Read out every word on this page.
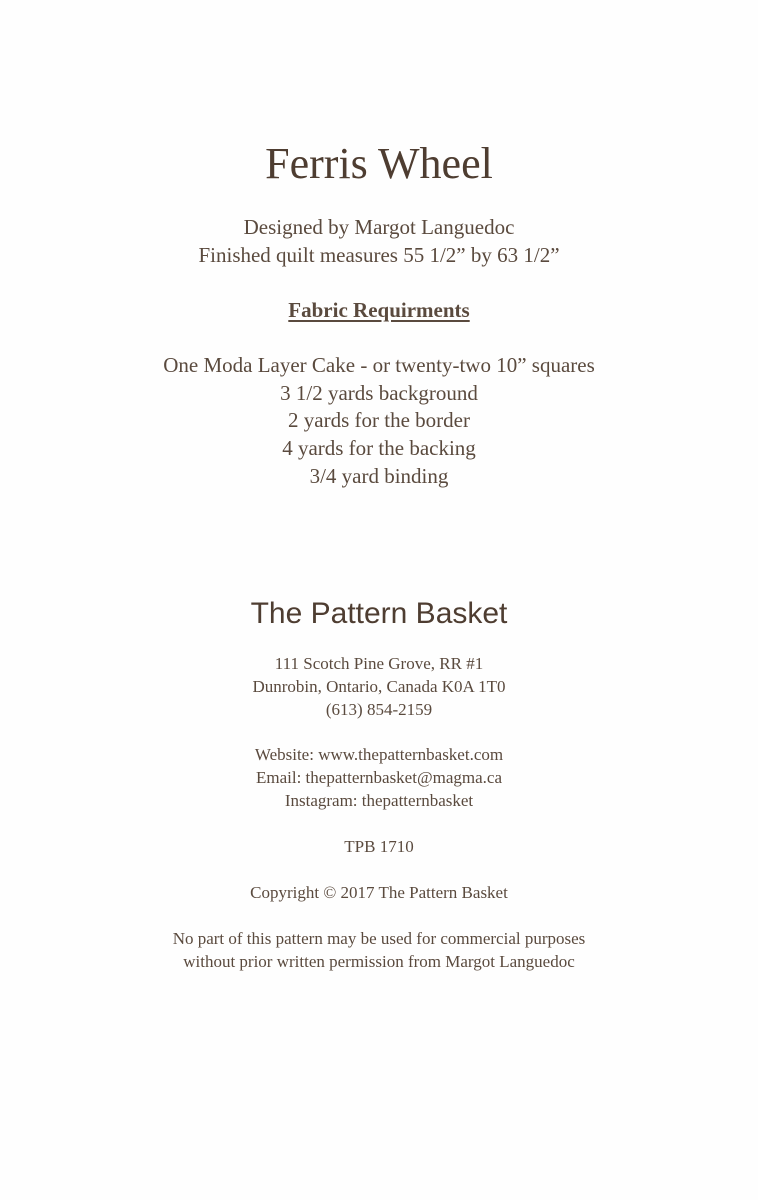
Ferris Wheel
Designed by Margot Languedoc
Finished quilt measures 55 1/2” by 63 1/2”
Fabric Requirments
One Moda Layer Cake - or twenty-two 10” squares
3 1/2 yards background
2 yards for the border
4 yards for the backing
3/4 yard binding
The Pattern Basket
111 Scotch Pine Grove, RR #1
Dunrobin, Ontario, Canada K0A 1T0
(613) 854-2159
Website: www.thepatternbasket.com
Email: thepatternbasket@magma.ca
Instagram: thepatternbasket
TPB 1710
Copyright © 2017 The Pattern Basket
No part of this pattern may be used for commercial purposes
without prior written permission from Margot Languedoc
